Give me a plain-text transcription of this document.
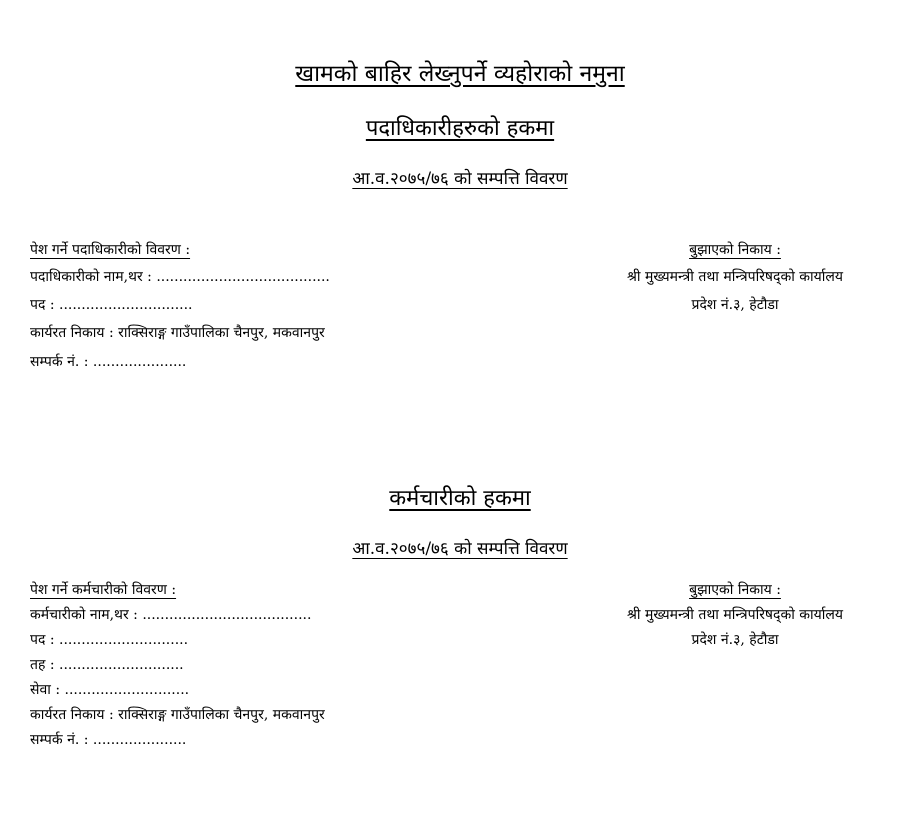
खामको बाहिर लेख्नुपर्ने व्यहोराको नमुना
पदाधिकारीहरुको हकमा
आ.व.२०७५/७६ को सम्पत्ति विवरण
पेश गर्ने पदाधिकारीको विवरण :
पदाधिकारीको नाम,थर : .......................................
पद : ..............................
कार्यरत निकाय : राक्सिराङ्ग गाउँपालिका चैनपुर, मकवानपुर
सम्पर्क नं. : .....................
बुझाएको निकाय :
श्री मुख्यमन्त्री तथा मन्त्रिपरिषद्को कार्यालय
प्रदेश नं.३, हेटौडा
कर्मचारीको हकमा
आ.व.२०७५/७६ को सम्पत्ति विवरण
पेश गर्ने कर्मचारीको विवरण :
कर्मचारीको नाम,थर : ......................................
पद : .............................
तह : ............................
सेवा : ............................
कार्यरत निकाय : राक्सिराङ्ग गाउँपालिका चैनपुर, मकवानपुर
सम्पर्क नं. : .....................
बुझाएको निकाय :
श्री मुख्यमन्त्री तथा मन्त्रिपरिषद्को कार्यालय
प्रदेश नं.३, हेटौडा
